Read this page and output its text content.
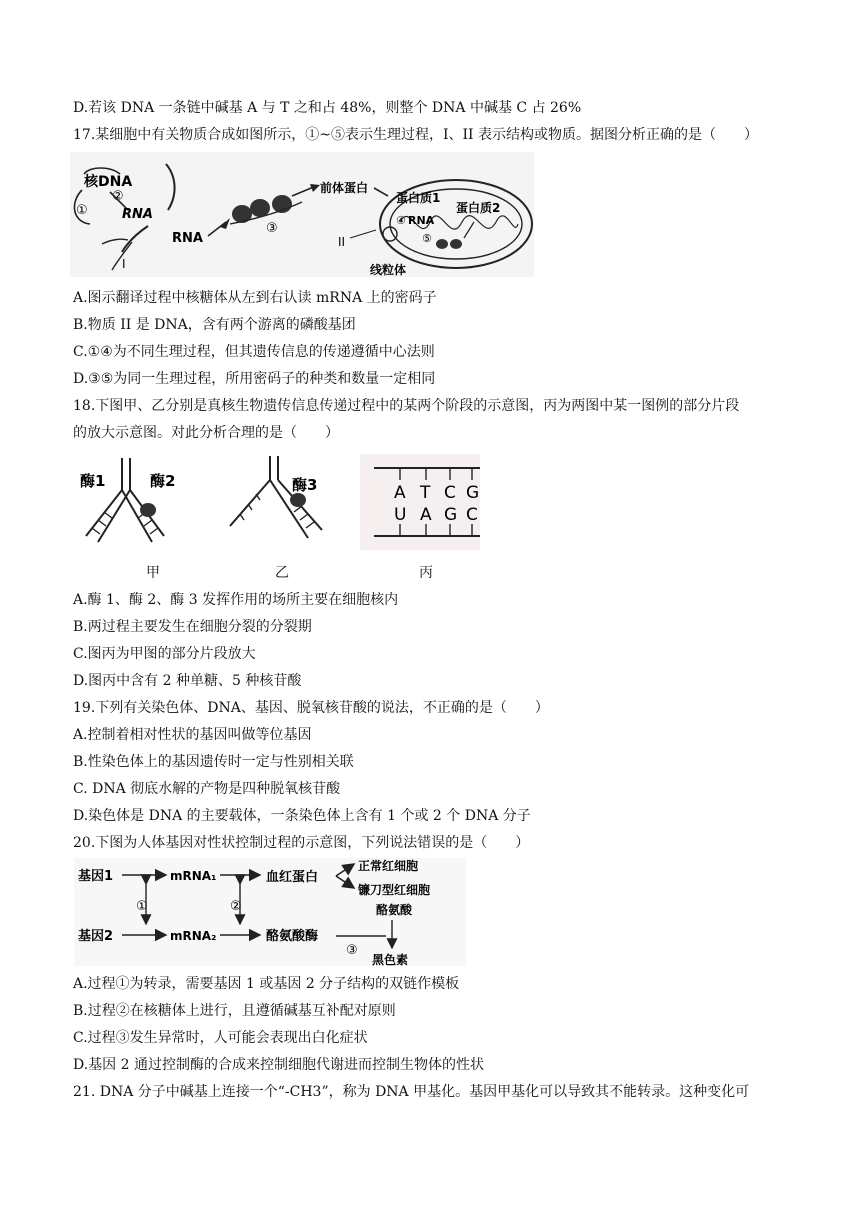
D.若该 DNA 一条链中碱基 A 与 T 之和占 48%，则整个 DNA 中碱基 C 占 26%
17.某细胞中有关物质合成如图所示，①~⑤表示生理过程，I、II 表示结构或物质。据图分析正确的是（　　）
核DNA
①
②
RNA
I
RNA
③
前体蛋白
蛋白质1
蛋白质2
④ RNA
⑤
II
线粒体
A.图示翻译过程中核糖体从左到右认读 mRNA 上的密码子
B.物质 II 是 DNA，含有两个游离的磷酸基团
C.①④为不同生理过程，但其遗传信息的传递遵循中心法则
D.③⑤为同一生理过程，所用密码子的种类和数量一定相同
18.下图甲、乙分别是真核生物遗传信息传递过程中的某两个阶段的示意图，丙为两图中某一图例的部分片段
的放大示意图。对此分析合理的是（　　）
酶1	酶2	酶3	A T C G
U A G C
甲	乙	丙
A.酶 1、酶 2、酶 3 发挥作用的场所主要在细胞核内
B.两过程主要发生在细胞分裂的分裂期
C.图丙为甲图的部分片段放大
D.图丙中含有 2 种单糖、5 种核苷酸
19.下列有关染色体、DNA、基因、脱氧核苷酸的说法，不正确的是（　　）
A.控制着相对性状的基因叫做等位基因
B.性染色体上的基因遗传时一定与性别相关联
C. DNA 彻底水解的产物是四种脱氧核苷酸
D.染色体是 DNA 的主要载体，一条染色体上含有 1 个或 2 个 DNA 分子
20.下图为人体基因对性状控制过程的示意图，下列说法错误的是（　　）
基因1
基因2
mRNA₁
mRNA₂
①	②
血红蛋白
正常红细胞
镰刀型红细胞
酪氨酸
酪氨酸酶
③
黑色素
A.过程①为转录，需要基因 1 或基因 2 分子结构的双链作模板
B.过程②在核糖体上进行，且遵循碱基互补配对原则
C.过程③发生异常时，人可能会表现出白化症状
D.基因 2 通过控制酶的合成来控制细胞代谢进而控制生物体的性状
21. DNA 分子中碱基上连接一个“-CH3”，称为 DNA 甲基化。基因甲基化可以导致其不能转录。这种变化可
